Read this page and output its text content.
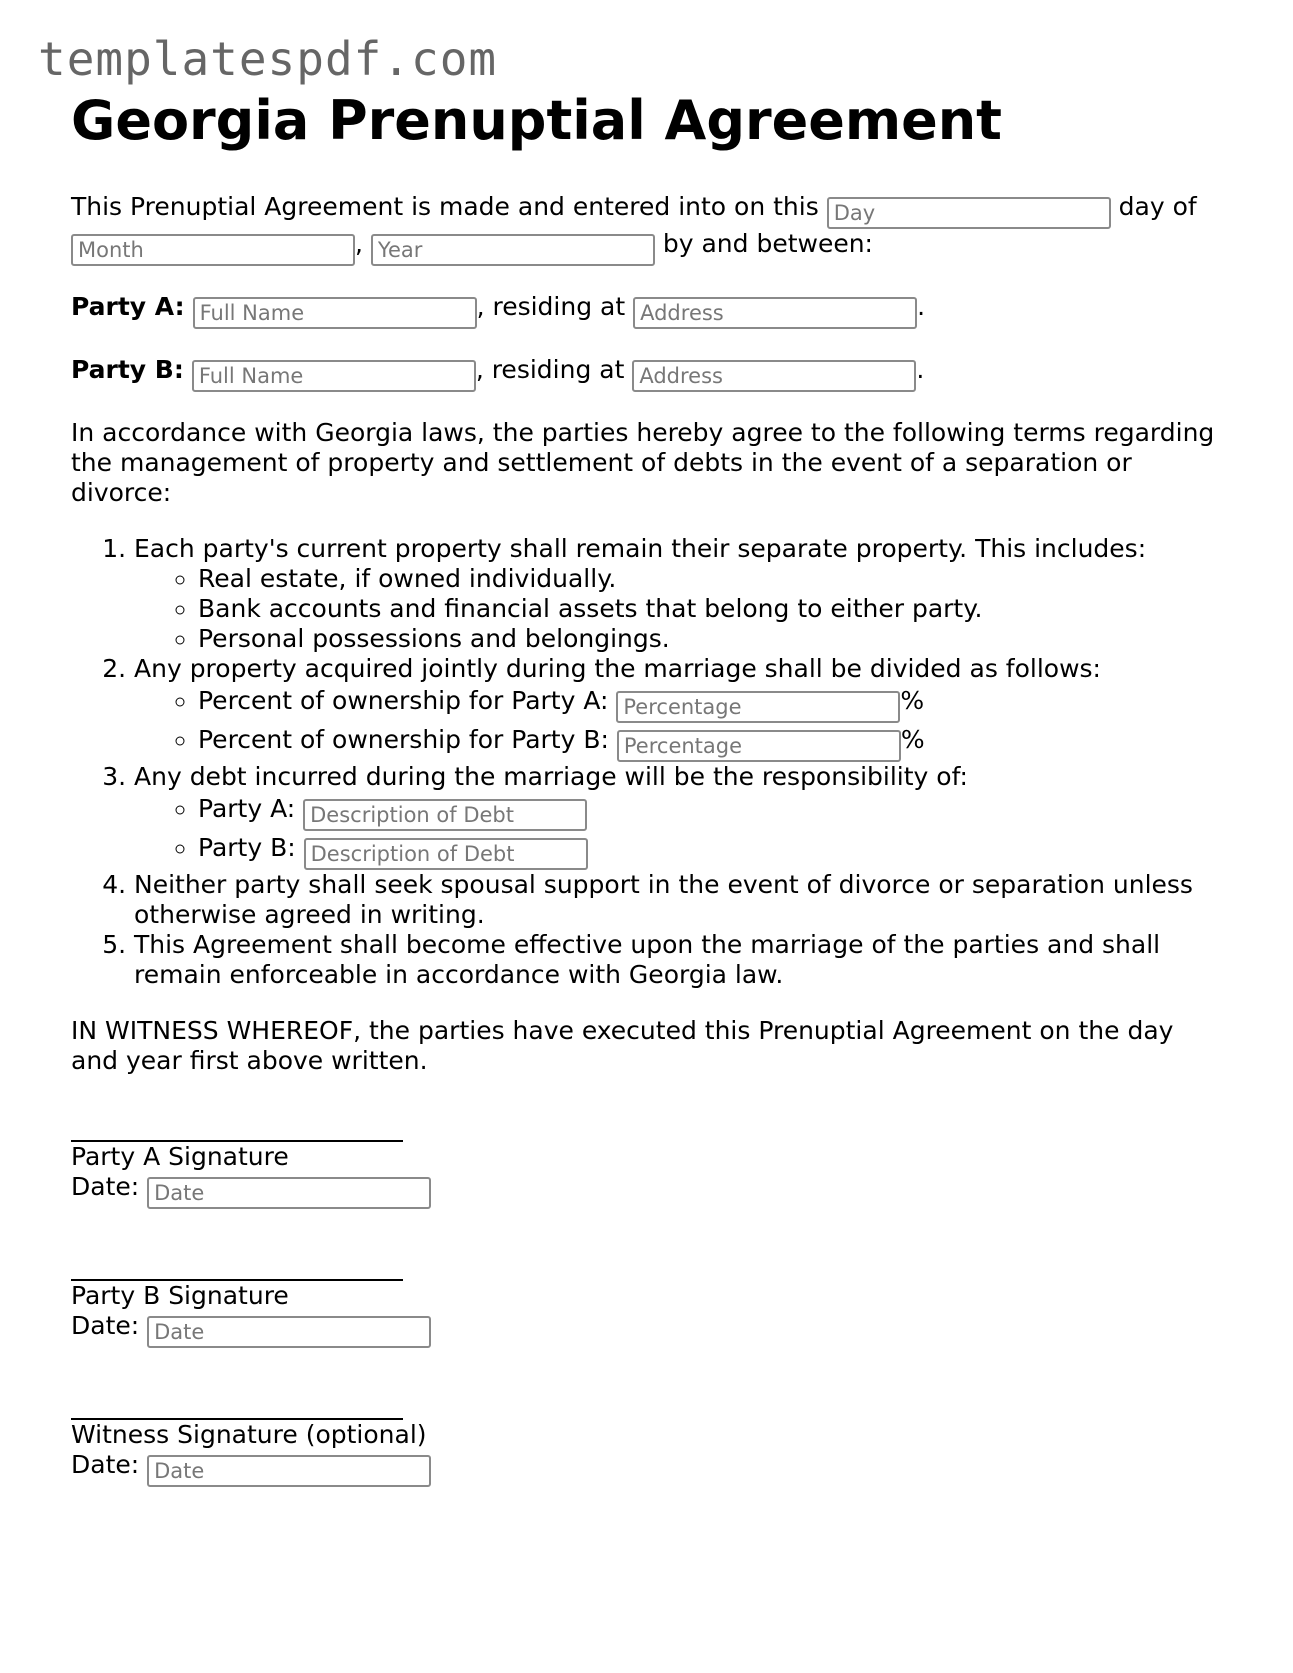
templatespdf.com
Georgia Prenuptial Agreement

This Prenuptial Agreement is made and entered into on this Day	day of
Month, Year	by and between:

Party A: Full Name	, residing at Address	.

Party B: Full Name	, residing at Address	.

In accordance with Georgia laws, the parties hereby agree to the following terms regarding the management of property and settlement of debts in the event of a separation or divorce:

1. Each party's current property shall remain their separate property. This includes:
◦ Real estate, if owned individually.
◦ Bank accounts and financial assets that belong to either party.
◦ Personal possessions and belongings.
2. Any property acquired jointly during the marriage shall be divided as follows:
◦ Percent of ownership for Party A: Percentage	%
◦ Percent of ownership for Party B: Percentage	%
3. Any debt incurred during the marriage will be the responsibility of:
◦ Party A: Description of Debt
◦ Party B: Description of Debt
4. Neither party shall seek spousal support in the event of divorce or separation unless otherwise agreed in writing.
5. This Agreement shall become effective upon the marriage of the parties and shall remain enforceable in accordance with Georgia law.

IN WITNESS WHEREOF, the parties have executed this Prenuptial Agreement on the day and year first above written.

Party A Signature
Date: Date
Party B Signature
Date: Date
Witness Signature (optional)
Date: Date
